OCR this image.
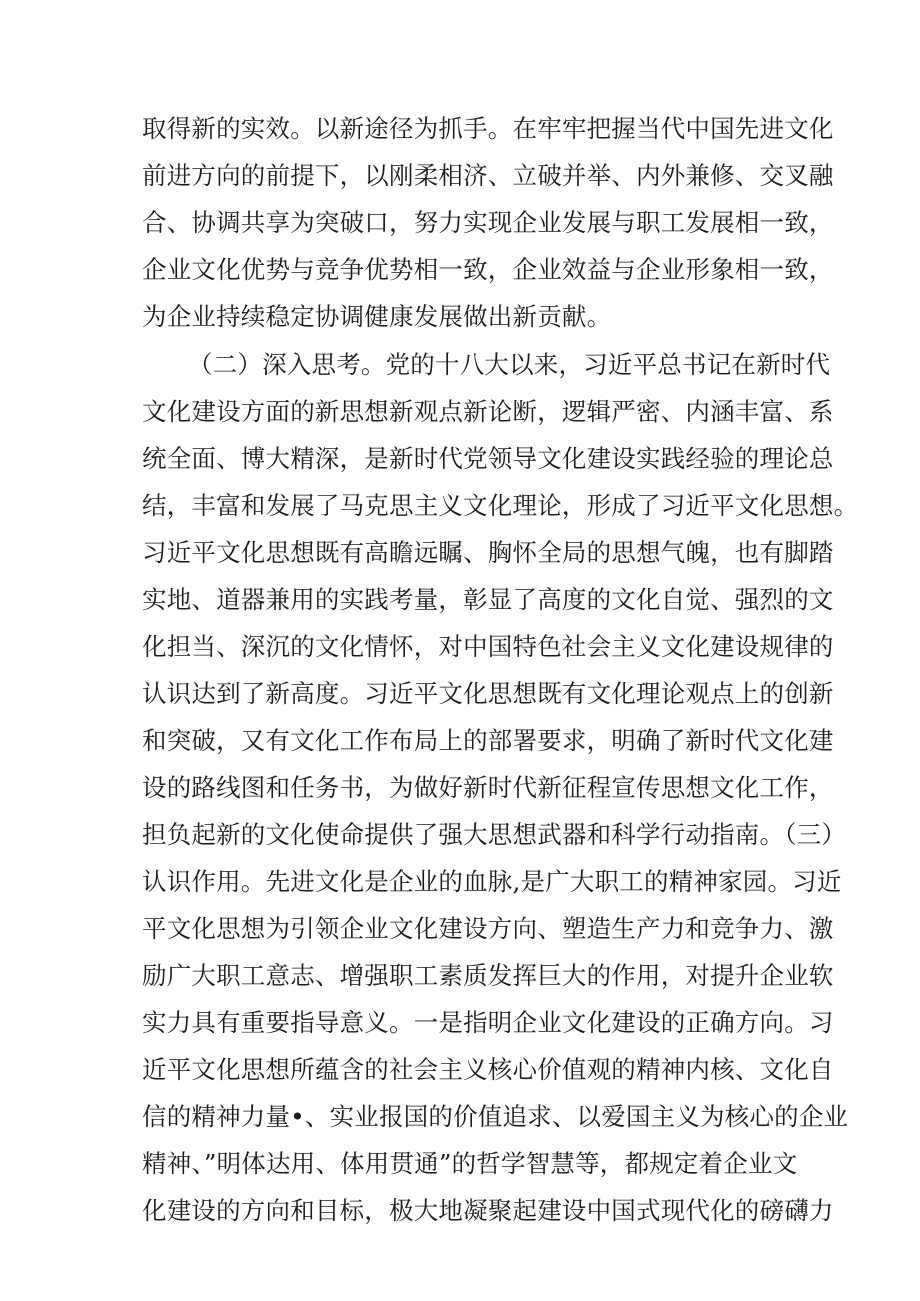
取得新的实效。以新途径为抓手。在牢牢把握当代中国先进文化
前进方向的前提下，以刚柔相济、立破并举、内外兼修、交叉融
合、协调共享为突破口，努力实现企业发展与职工发展相一致，
企业文化优势与竞争优势相一致，企业效益与企业形象相一致，
为企业持续稳定协调健康发展做出新贡献。
（二）深入思考。党的十八大以来，习近平总书记在新时代
文化建设方面的新思想新观点新论断，逻辑严密、内涵丰富、系
统全面、博大精深，是新时代党领导文化建设实践经验的理论总
结，丰富和发展了马克思主义文化理论，形成了习近平文化思想。
习近平文化思想既有高瞻远瞩、胸怀全局的思想气魄，也有脚踏
实地、道器兼用的实践考量，彰显了高度的文化自觉、强烈的文
化担当、深沉的文化情怀，对中国特色社会主义文化建设规律的
认识达到了新高度。习近平文化思想既有文化理论观点上的创新
和突破，又有文化工作布局上的部署要求，明确了新时代文化建
设的路线图和任务书，为做好新时代新征程宣传思想文化工作，
担负起新的文化使命提供了强大思想武器和科学行动指南。（三）
认识作用。先进文化是企业的血脉,是广大职工的精神家园。习近
平文化思想为引领企业文化建设方向、塑造生产力和竞争力、激
励广大职工意志、增强职工素质发挥巨大的作用，对提升企业软
实力具有重要指导意义。一是指明企业文化建设的正确方向。习
近平文化思想所蕴含的社会主义核心价值观的精神内核、文化自
信的精神力量•、实业报国的价值追求、以爱国主义为核心的企业
精神、”明体达用、体用贯通”的哲学智慧等，都规定着企业文
化建设的方向和目标，极大地凝聚起建设中国式现代化的磅礴力
